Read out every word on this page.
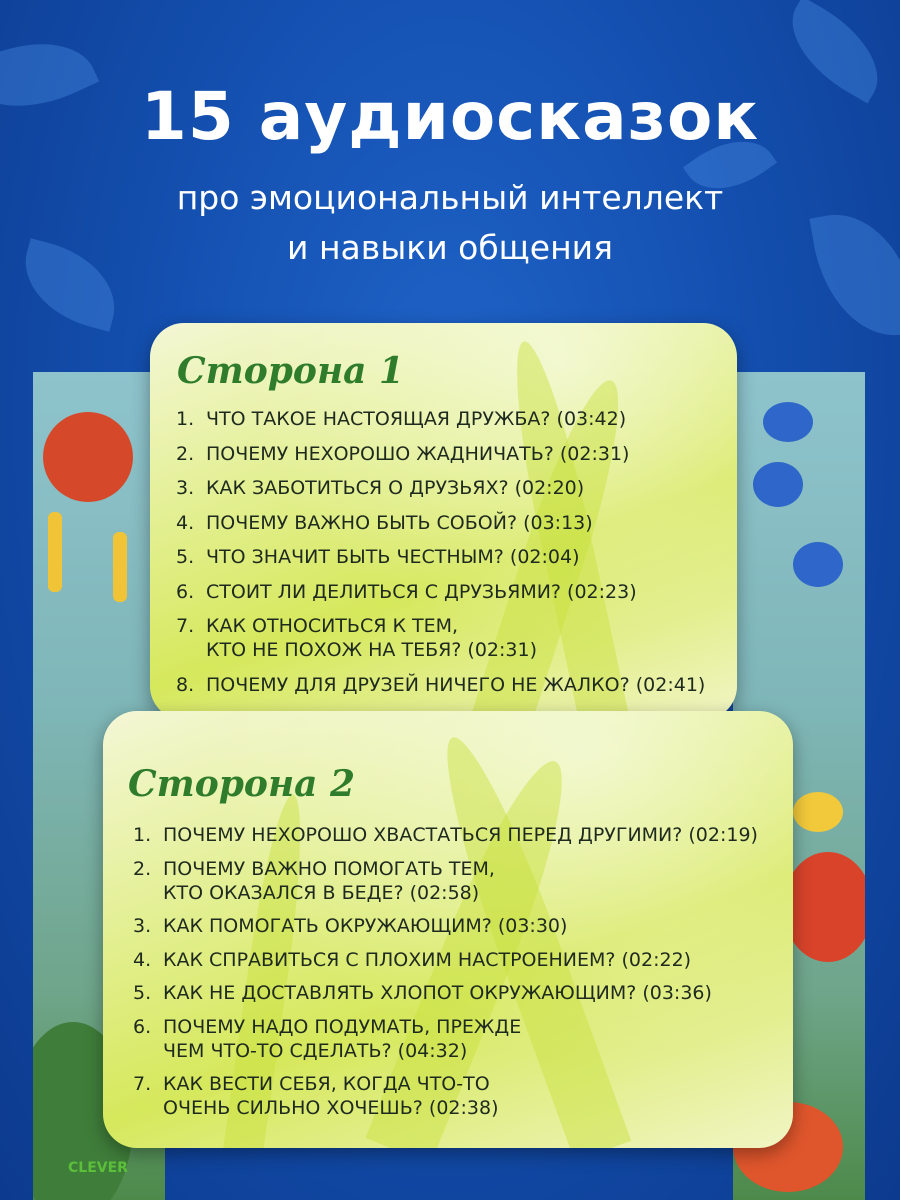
15 аудиосказок
про эмоциональный интеллект
и навыки общения
Сторона 1
1. ЧТО ТАКОЕ НАСТОЯЩАЯ ДРУЖБА? (03:42)
2. ПОЧЕМУ НЕХОРОШО ЖАДНИЧАТЬ? (02:31)
3. КАК ЗАБОТИТЬСЯ О ДРУЗЬЯХ? (02:20)
4. ПОЧЕМУ ВАЖНО БЫТЬ СОБОЙ? (03:13)
5. ЧТО ЗНАЧИТ БЫТЬ ЧЕСТНЫМ? (02:04)
6. СТОИТ ЛИ ДЕЛИТЬСЯ С ДРУЗЬЯМИ? (02:23)
7. КАК ОТНОСИТЬСЯ К ТЕМ,
КТО НЕ ПОХОЖ НА ТЕБЯ? (02:31)
8. ПОЧЕМУ ДЛЯ ДРУЗЕЙ НИЧЕГО НЕ ЖАЛКО? (02:41)
Сторона 2
1. ПОЧЕМУ НЕХОРОШО ХВАСТАТЬСЯ ПЕРЕД ДРУГИМИ? (02:19)
2. ПОЧЕМУ ВАЖНО ПОМОГАТЬ ТЕМ,
КТО ОКАЗАЛСЯ В БЕДЕ? (02:58)
3. КАК ПОМОГАТЬ ОКРУЖАЮЩИМ? (03:30)
4. КАК СПРАВИТЬСЯ С ПЛОХИМ НАСТРОЕНИЕМ? (02:22)
5. КАК НЕ ДОСТАВЛЯТЬ ХЛОПОТ ОКРУЖАЮЩИМ? (03:36)
6. ПОЧЕМУ НАДО ПОДУМАТЬ, ПРЕЖДЕ
ЧЕМ ЧТО-ТО СДЕЛАТЬ? (04:32)
7. КАК ВЕСТИ СЕБЯ, КОГДА ЧТО-ТО
ОЧЕНЬ СИЛЬНО ХОЧЕШЬ? (02:38)
CLEVER
